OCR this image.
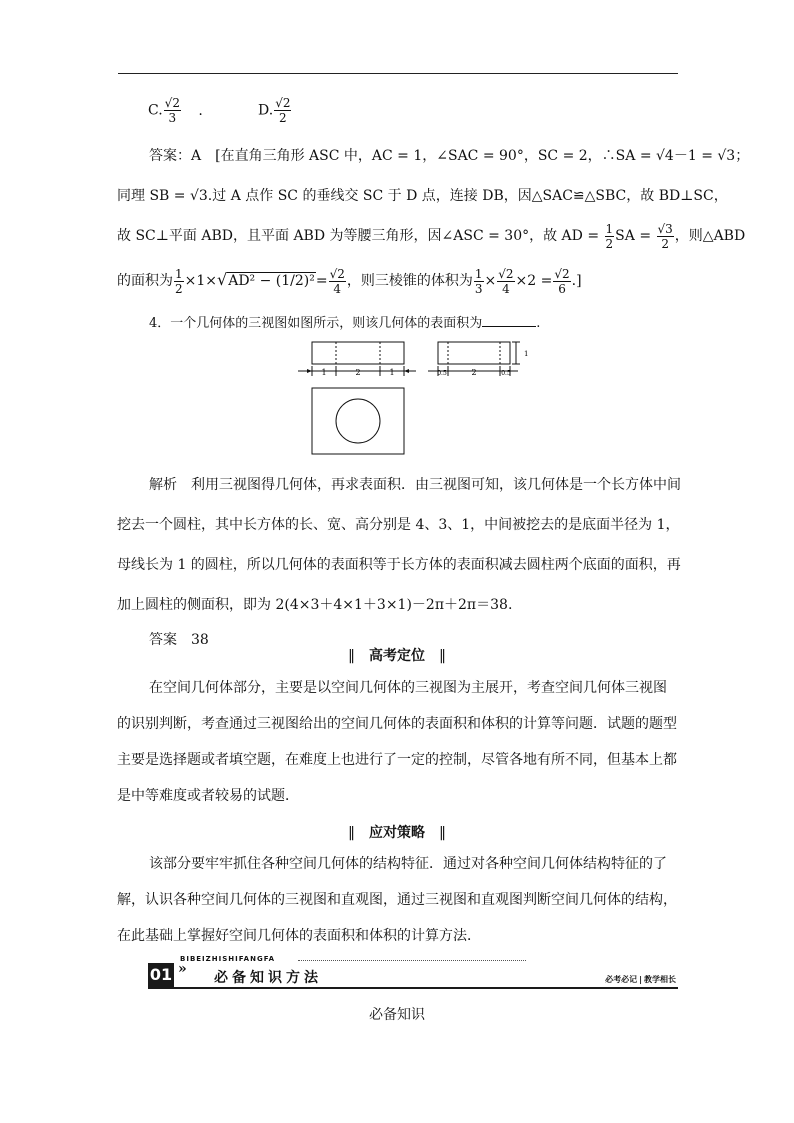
C. $\frac{√2}{3}$ .	D. $\frac{√2}{2}$
答案：A　[在直角三角形 ASC 中，AC = 1，∠SAC = 90°，SC = 2，∴SA = √4－1 = √3；
同理 SB = √3.过 A 点作 SC 的垂线交 SC 于 D 点，连接 DB，因△SAC≌△SBC，故 BD⊥SC，
故 SC⊥平面 ABD，且平面 ABD 为等腰三角形，因∠ASC = 30°，故 AD = $\frac{1}{2}$ SA = $\frac{√3}{2}$ ，则△ABD
的面积为 $\frac{1}{2} \times 1\times√AD^2 - (1/2)^2= \frac{√2}{4}$ ，则三棱锥的体积为 $\frac{1}{3} \times \frac{√2}{4} \times 2 = \frac{√2}{6}$ .]
4．一个几何体的三视图如图所示，则该几何体的表面积为	.
1	2	1	0.5	2	0.5
1
解析　 利用三视图得几何体，再求表面积．由三视图可知，该几何体是一个长方体中间
挖去一个圆柱，其中长方体的长、宽、高分别是 4、3、1，中间被挖去的是底面半径为 1，
母线长为 1 的圆柱，所以几何体的表面积等于长方体的表面积减去圆柱两个底面的面积，再
加上圆柱的侧面积，即为 2(4×3＋4×1＋3×1)－2π＋2π＝38.
答案　 38
‖ 高考定位 ‖
在空间几何体部分，主要是以空间几何体的三视图为主展开，考查空间几何体三视图的识别判断，考查通过三视图给出的空间几何体的表面积和体积的计算等问题．试题的题型主要是选择题或者填空题，在难度上也进行了一定的控制，尽管各地有所不同，但基本上都是中等难度或者较易的试题．
‖ 应对策略 ‖
该部分要牢牢抓住各种空间几何体的结构特征．通过对各种空间几何体结构特征的了解，认识各种空间几何体的三视图和直观图，通过三视图和直观图判断空间几何体的结构，在此基础上掌握好空间几何体的表面积和体积的计算方法．
BIBEIZHISHIFANGFA
01 »
必备知识方法	必考必记 | 教学相长
必备知识
